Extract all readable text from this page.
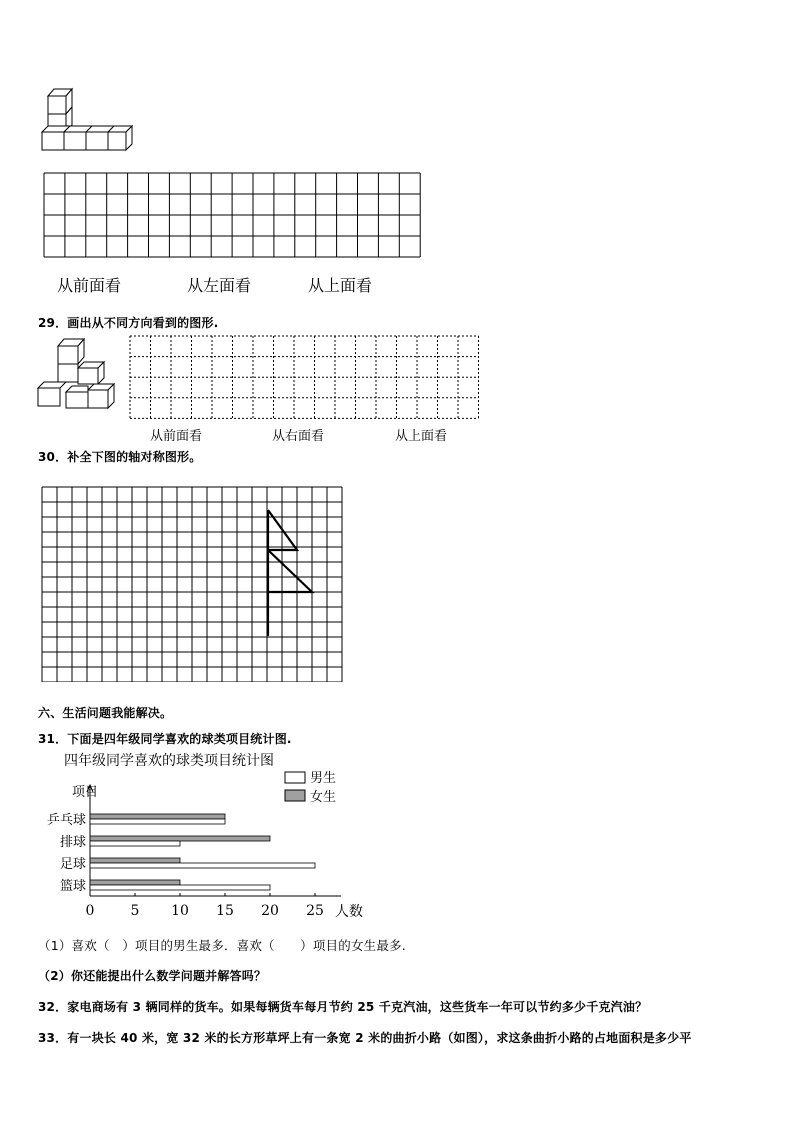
从前面看	从左面看	从上面看
29．画出从不同方向看到的图形.
从前面看	从右面看	从上面看
30．补全下图的轴对称图形。
六、生活问题我能解决。
31．下面是四年级同学喜欢的球类项目统计图.
四年级同学喜欢的球类项目统计图
男生
女生
项目
乒乓球
排球
足球
篮球
0	5 10 15 20 25 人数
（1）喜欢（　）项目的男生最多．喜欢（　　）项目的女生最多.
（2）你还能提出什么数学问题并解答吗？
32．家电商场有 3 辆同样的货车。如果每辆货车每月节约 25 千克汽油，这些货车一年可以节约多少千克汽油？
33．有一块长 40 米，宽 32 米的长方形草坪上有一条宽 2 米的曲折小路（如图），求这条曲折小路的占地面积是多少平
